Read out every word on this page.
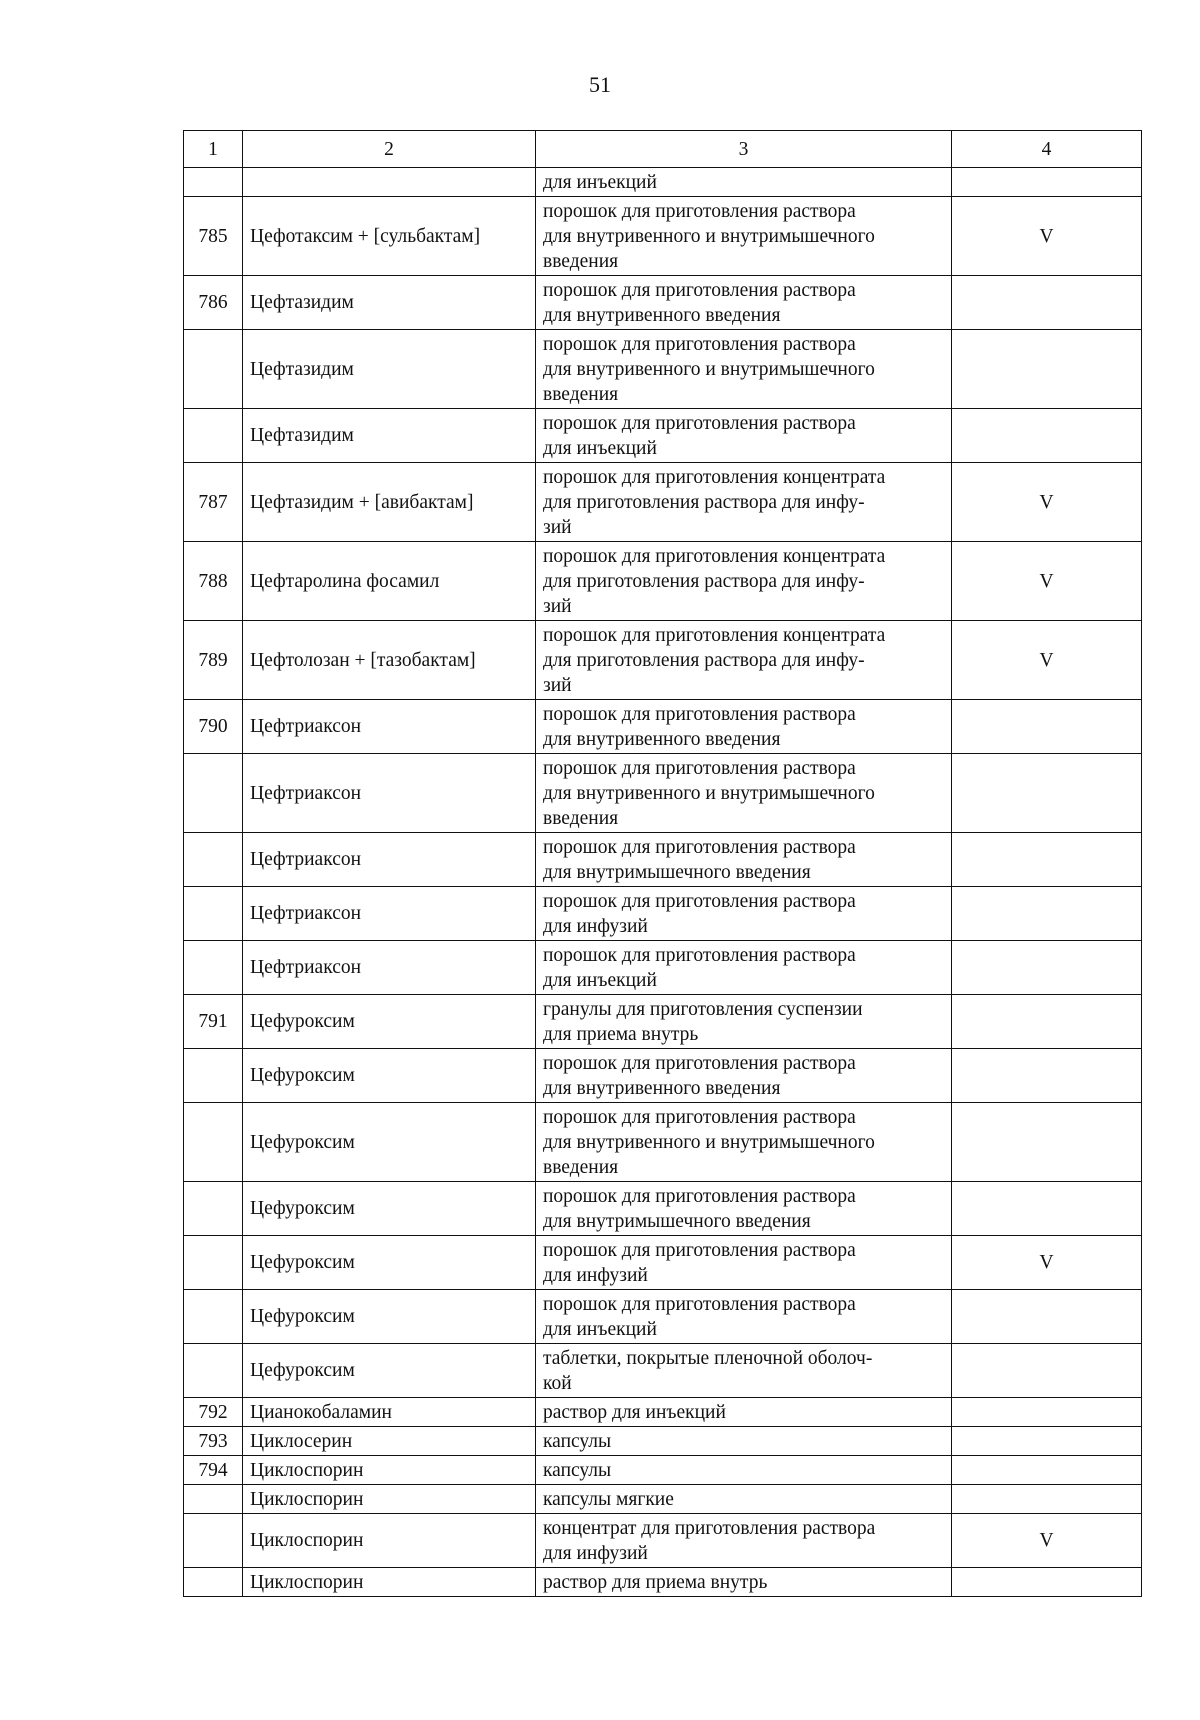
51
1	2	3	4
		для инъекций	
785	Цефотаксим + [сульбактам]	порошок для приготовления раствора
для внутривенного и внутримышечного
введения	V
786	Цефтазидим	порошок для приготовления раствора
для внутривенного введения	
	Цефтазидим	порошок для приготовления раствора
для внутривенного и внутримышечного
введения	
	Цефтазидим	порошок для приготовления раствора
для инъекций	
787	Цефтазидим + [авибактам]	порошок для приготовления концентрата
для приготовления раствора для инфу-
зий	V
788	Цефтаролина фосамил	порошок для приготовления концентрата
для приготовления раствора для инфу-
зий	V
789	Цефтолозан + [тазобактам]	порошок для приготовления концентрата
для приготовления раствора для инфу-
зий	V
790	Цефтриаксон	порошок для приготовления раствора
для внутривенного введения	
	Цефтриаксон	порошок для приготовления раствора
для внутривенного и внутримышечного
введения	
	Цефтриаксон	порошок для приготовления раствора
для внутримышечного введения	
	Цефтриаксон	порошок для приготовления раствора
для инфузий	
	Цефтриаксон	порошок для приготовления раствора
для инъекций	
791	Цефуроксим	гранулы для приготовления суспензии
для приема внутрь	
	Цефуроксим	порошок для приготовления раствора
для внутривенного введения	
	Цефуроксим	порошок для приготовления раствора
для внутривенного и внутримышечного
введения	
	Цефуроксим	порошок для приготовления раствора
для внутримышечного введения	
	Цефуроксим	порошок для приготовления раствора
для инфузий	V
	Цефуроксим	порошок для приготовления раствора
для инъекций	
	Цефуроксим	таблетки, покрытые пленочной оболоч-
кой	
792	Цианокобаламин	раствор для инъекций	
793	Циклосерин	капсулы	
794	Циклоспорин	капсулы	
	Циклоспорин	капсулы мягкие	
	Циклоспорин	концентрат для приготовления раствора
для инфузий	V
	Циклоспорин	раствор для приема внутрь	
